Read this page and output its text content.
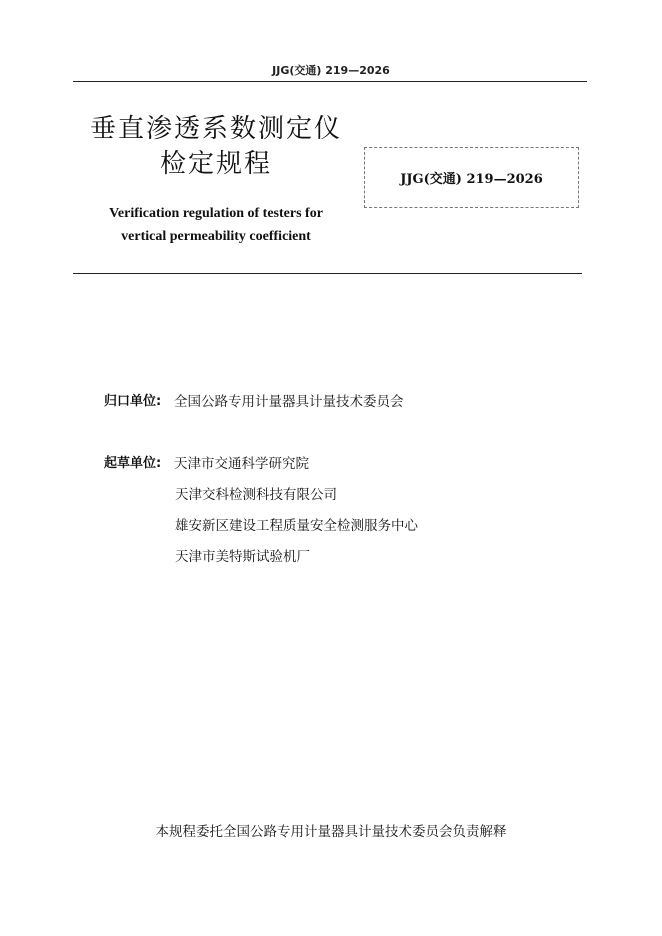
JJG(交通) 219—2026
垂直渗透系数测定仪
检定规程
Verification regulation of testers for
vertical permeability coefficient
JJG(交通) 219—2026
归口单位: 全国公路专用计量器具计量技术委员会
起草单位: 天津市交通科学研究院
天津交科检测科技有限公司
雄安新区建设工程质量安全检测服务中心
天津市美特斯试验机厂
本规程委托全国公路专用计量器具计量技术委员会负责解释
